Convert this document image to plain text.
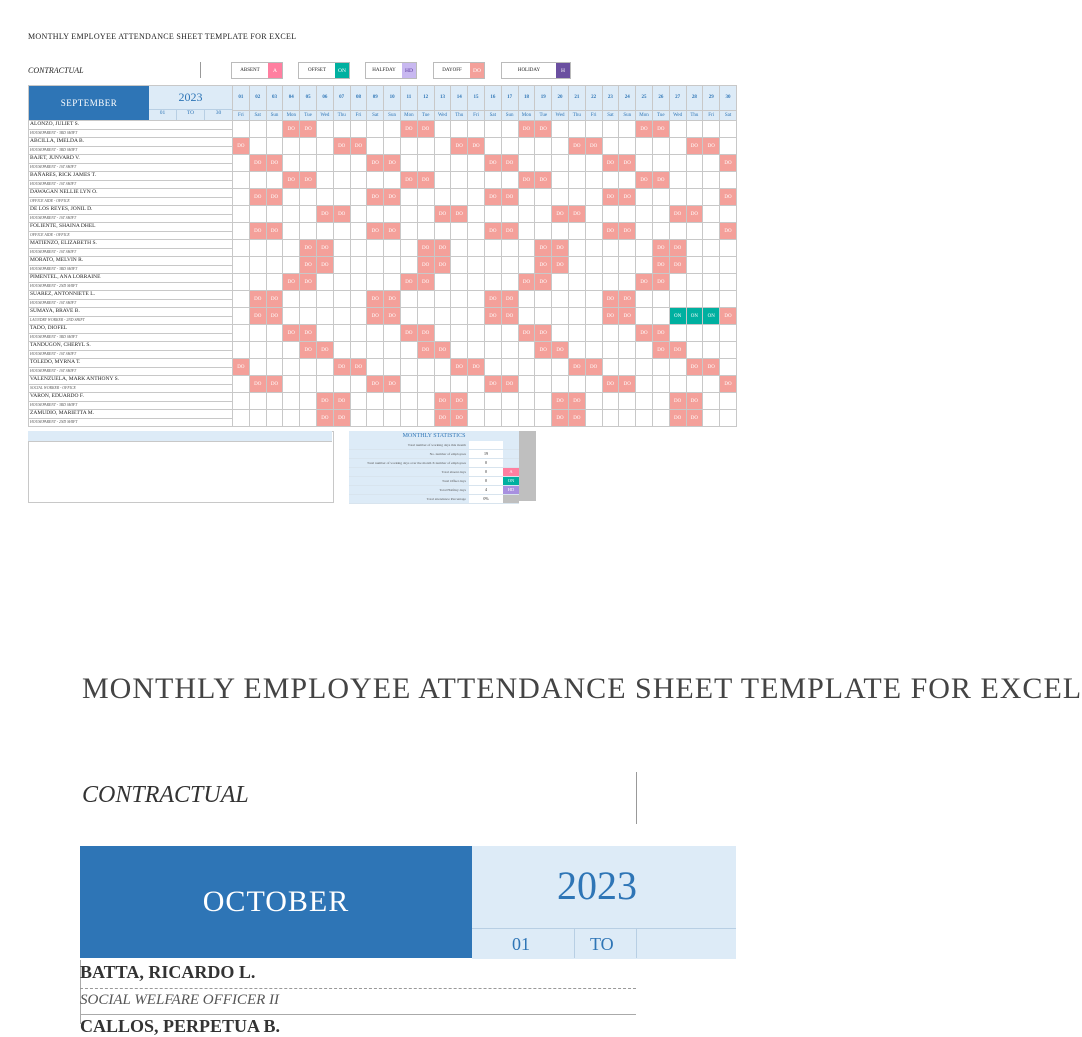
MONTHLY EMPLOYEE ATTENDANCE SHEET TEMPLATE FOR EXCEL
CONTRACTUAL	ABSENT	A	OFFSET	ON	HALFDAY	HD	DAYOFF	DO	HOLIDAY	H
SEPTEMBER 2023
01 TO 30	01	02	03	04	05	06	07	08	09	10	11	12	13	14	15	16	17	18	19	20	21	22	23	24	25	26	27	28	29	30
	Fri	Sat	Sun	Mon	Tue	Wed	Thu	Fri	Sat	Sun	Mon	Tue	Wed	Thu	Fri	Sat	Sun	Mon	Tue	Wed	Thu	Fri	Sat	Sun	Mon	Tue	Wed	Thu	Fri	Sat
ALONZO, JULIET S.				DO	DO						DO	DO						DO	DO						DO	DO				
HOUSEPARENT - 3RD SHIFT																														
ABCILLA, IMELDA B.	DO						DO	DO						DO	DO						DO	DO						DO	DO	
HOUSEPARENT - 3RD SHIFT																														
BAJET, JUNVARD V.		DO	DO						DO	DO						DO	DO						DO	DO						DO
HOUSEPARENT - 1ST SHIFT																														
BAÑARES, RICK JAMES T.				DO	DO						DO	DO						DO	DO						DO	DO				
HOUSEPARENT - 1ST SHIFT																														
DAWAGAN NELLIE LYN O.		DO	DO						DO	DO						DO	DO						DO	DO						DO
OFFICE AIDE - OFFICE																														
DE LOS REYES, JONIL D.						DO	DO						DO	DO						DO	DO						DO	DO		
HOUSEPARENT - 1ST SHIFT																														
FOLIENTE, SHAINA DHEL		DO	DO						DO	DO						DO	DO						DO	DO						DO
OFFICE AIDE - OFFICE																														
MATIENZO, ELIZABETH S.					DO	DO						DO	DO						DO	DO						DO	DO			
HOUSEPARENT - 1ST SHIFT																														
MORATO, MELVIN R.					DO	DO						DO	DO						DO	DO						DO	DO			
HOUSEPARENT - 3RD SHIFT																														
PIMENTEL, ANA LORRAINE				DO	DO						DO	DO						DO	DO						DO	DO				
HOUSEPARENT - 2ND SHIFT																														
SUAREZ, ANTONNIETE L.		DO	DO						DO	DO						DO	DO						DO	DO						
HOUSEPARENT - 1ST SHIFT																														
SUMAYA, BRAVE B.		DO	DO						DO	DO						DO	DO						DO	DO			ON	ON	ON	DO
LAUNDRY WORKER - 2ND SHIFT																														
TADO, DIOFEL				DO	DO						DO	DO						DO	DO						DO	DO				
HOUSEPARENT - 3RD SHIFT																														
TANDUGON, CHERYL S.					DO	DO						DO	DO						DO	DO						DO	DO			
HOUSEPARENT - 1ST SHIFT																														
TOLEDO, MYRNA T.	DO						DO	DO						DO	DO						DO	DO						DO	DO	
HOUSEPARENT - 1ST SHIFT																														
VALENZUELA, MARK ANTHONY S.		DO	DO						DO	DO						DO	DO						DO	DO						DO
SOCIAL WORKER - OFFICE																														
VARON, EDUARDO F.						DO	DO						DO	DO						DO	DO						DO	DO		
HOUSEPARENT - 3RD SHIFT																														
ZAMUDIO, MARIETTA M.						DO	DO						DO	DO						DO	DO						DO	DO		
HOUSEPARENT - 2ND SHIFT																														
MONTHLY STATISTICS
Total number of working days this month
No. number of employees	19
Total number of working days over the month X number of employees	0
Total absent days	0	A
Total Offset days	0	ON
Total Halfday days	4	HD
Total attendance Percentage	0%
MONTHLY EMPLOYEE ATTENDANCE SHEET TEMPLATE FOR EXCEL
CONTRACTUAL
OCTOBER	2023
01	TO
BATTA, RICARDO L.
SOCIAL WELFARE OFFICER II
CALLOS, PERPETUA B.
